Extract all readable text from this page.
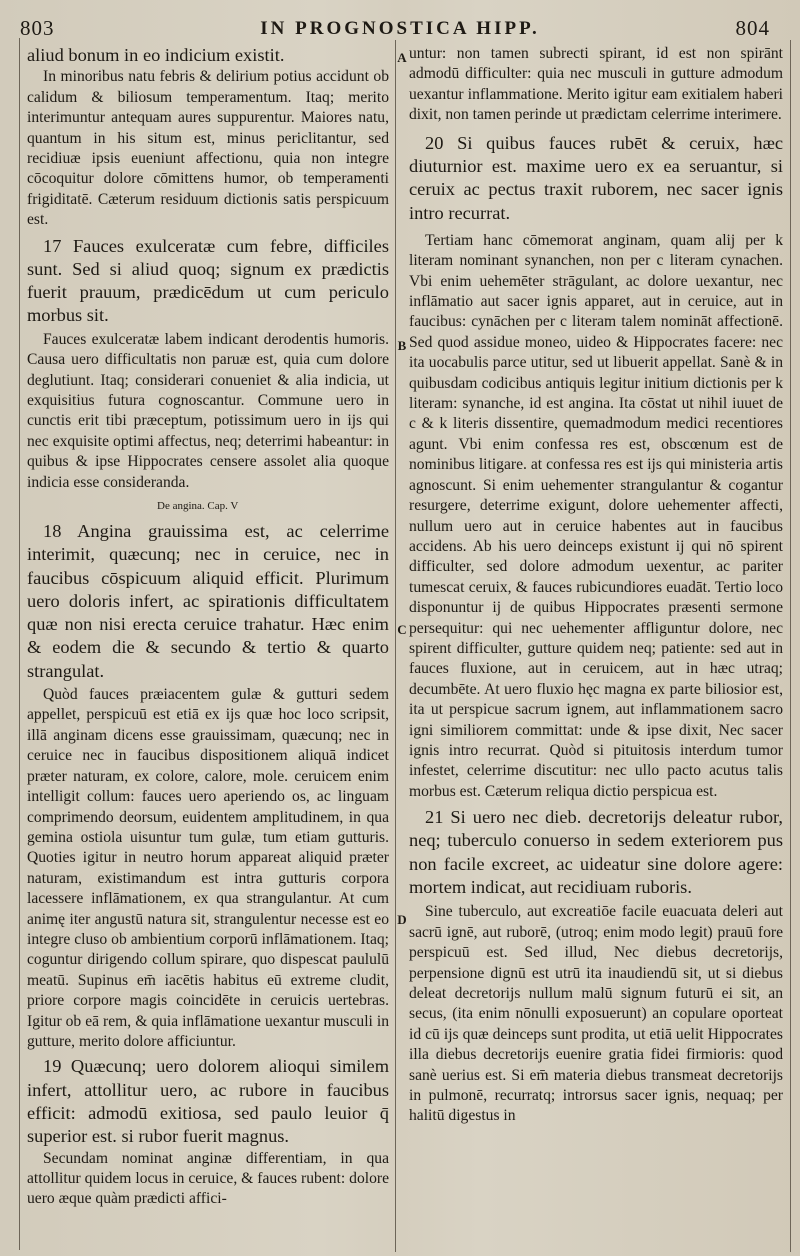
803	IN PROGNOSTICA HIPP.	804
A
B
C
D

aliud bonum in eo indicium existit.

In minoribus natu febris & delirium potius accidunt ob calidum & biliosum temperamentum. Itaq; merito interimuntur antequam aures suppurentur. Maiores natu, quantum in his situm est, minus periclitantur, sed recidiuæ ipsis eueniunt affectionu, quia non integre cōcoquitur dolore cōmittens humor, ob temperamenti frigiditatē. Cæterum residuum dictionis satis perspicuum est.

17 Fauces exulceratæ cum febre, difficiles sunt. Sed si aliud quoq; signum ex prædictis fuerit prauum, prædicēdum ut cum periculo morbus sit.

Fauces exulceratæ labem indicant derodentis humoris. Causa uero difficultatis non paruæ est, quia cum dolore deglutiunt. Itaq; considerari conueniet & alia indicia, ut exquisitius futura cognoscantur. Commune uero in cunctis erit tibi præceptum, potissimum uero in ijs qui nec exquisite optimi affectus, neq; deterrimi habeantur: in quibus & ipse Hippocrates censere assolet alia quoque indicia esse consideranda.

De angina. Cap. V

18 Angina grauissima est, ac celerrime interimit, quæcunq; nec in ceruice, nec in faucibus cōspicuum aliquid efficit. Plurimum uero doloris infert, ac spirationis difficultatem quæ non nisi erecta ceruice trahatur. Hæc enim & eodem die & secundo & tertio & quarto strangulat.

Quòd fauces præiacentem gulæ & gutturi sedem appellet, perspicuū est etiā ex ijs quæ hoc loco scripsit, illā anginam dicens esse grauissimam, quæcunq; nec in ceruice nec in faucibus dispositionem aliquā indicet præter naturam, ex colore, calore, mole. ceruicem enim intelligit collum: fauces uero aperiendo os, ac linguam comprimendo deorsum, euidentem amplitudinem, in qua gemina ostiola uisuntur tum gulæ, tum etiam gutturis. Quoties igitur in neutro horum appareat aliquid præter naturam, existimandum est intra gutturis corpora lacessere inflāmationem, ex qua strangulantur. At cum animę iter angustū natura sit, strangulentur necesse est eo integre cluso ob ambientium corporū inflāmationem. Itaq; coguntur dirigendo collum spirare, quo dispescat paululū meatū. Supinus em̄ iacētis habitus eū extreme cludit, priore corpore magis coincidēte in ceruicis uertebras. Igitur ob eā rem, & quia inflāmatione uexantur musculi in gutture, merito dolore afficiuntur.

19 Quæcunq; uero dolorem alioqui similem infert, attollitur uero, ac rubore in faucibus efficit: admodū exitiosa, sed paulo leuior q̄ superior est. si rubor fuerit magnus.

Secundam nominat anginæ differentiam, in qua attollitur quidem locus in ceruice, & fauces rubent: dolore uero æque quàm prædicti affici-

untur: non tamen subrecti spirant, id est non spirānt admodū difficulter: quia nec musculi in gutture admodum uexantur inflammatione. Merito igitur eam exitialem haberi dixit, non tamen perinde ut prædictam celerrime interimere.

20 Si quibus fauces rubēt & ceruix, hæc diuturnior est. maxime uero ex ea seruantur, si ceruix ac pectus traxit ruborem, nec sacer ignis intro recurrat.

Tertiam hanc cōmemorat anginam, quam alij per k literam nominant synanchen, non per c literam cynachen. Vbi enim uehemēter strāgulant, ac dolore uexantur, nec inflāmatio aut sacer ignis apparet, aut in ceruice, aut in faucibus: cynāchen per c literam talem nomināt affectionē. Sed quod assidue moneo, uideo & Hippocrates facere: nec ita uocabulis parce utitur, sed ut libuerit appellat. Sanè & in quibusdam codicibus antiquis legitur initium dictionis per k literam: synanche, id est angina. Ita cōstat ut nihil iuuet de c & k literis dissentire, quemadmodum medici recentiores agunt. Vbi enim confessa res est, obscœnum est de nominibus litigare. at confessa res est ijs qui ministeria artis agnoscunt. Si enim uehementer strangulantur & cogantur resurgere, deterrime exigunt, dolore uehementer affecti, nullum uero aut in ceruice habentes aut in faucibus accidens. Ab his uero deinceps existunt ij qui nō spirent difficulter, sed dolore admodum uexentur, ac pariter tumescat ceruix, & fauces rubicundiores euadāt. Tertio loco disponuntur ij de quibus Hippocrates præsenti sermone persequitur: qui nec uehementer affliguntur dolore, nec spirent difficulter, gutture quidem neq; patiente: sed aut in fauces fluxione, aut in ceruicem, aut in hæc utraq; decumbēte. At uero fluxio hęc magna ex parte biliosior est, ita ut perspicue sacrum ignem, aut inflammationem sacro igni similiorem committat: unde & ipse dixit, Nec sacer ignis intro recurrat. Quòd si pituitosis interdum tumor infestet, celerrime discutitur: nec ullo pacto acutus talis morbus est. Cæterum reliqua dictio perspicua est.

21 Si uero nec dieb. decretorijs deleatur rubor, neq; tuberculo conuerso in sedem exteriorem pus non facile excreet, ac uideatur sine dolore agere: mortem indicat, aut recidiuam ruboris.

Sine tuberculo, aut excreatiōe facile euacuata deleri aut sacrū ignē, aut ruborē, (utroq; enim modo legit) prauū fore perspicuū est. Sed illud, Nec diebus decretorijs, perpensione dignū est utrū ita inaudiendū sit, ut si diebus deleat decretorijs nullum malū signum futurū ei sit, an secus, (ita enim nōnulli exposuerunt) an copulare oporteat id cū ijs quæ deinceps sunt prodita, ut etiā uelit Hippocrates illa diebus decretorijs euenire gratia fidei firmioris: quod sanè uerius est. Si em̄ materia diebus transmeat decretorijs in pulmonē, recurratq; introrsus sacer ignis, nequaq; per halitū digestus in
